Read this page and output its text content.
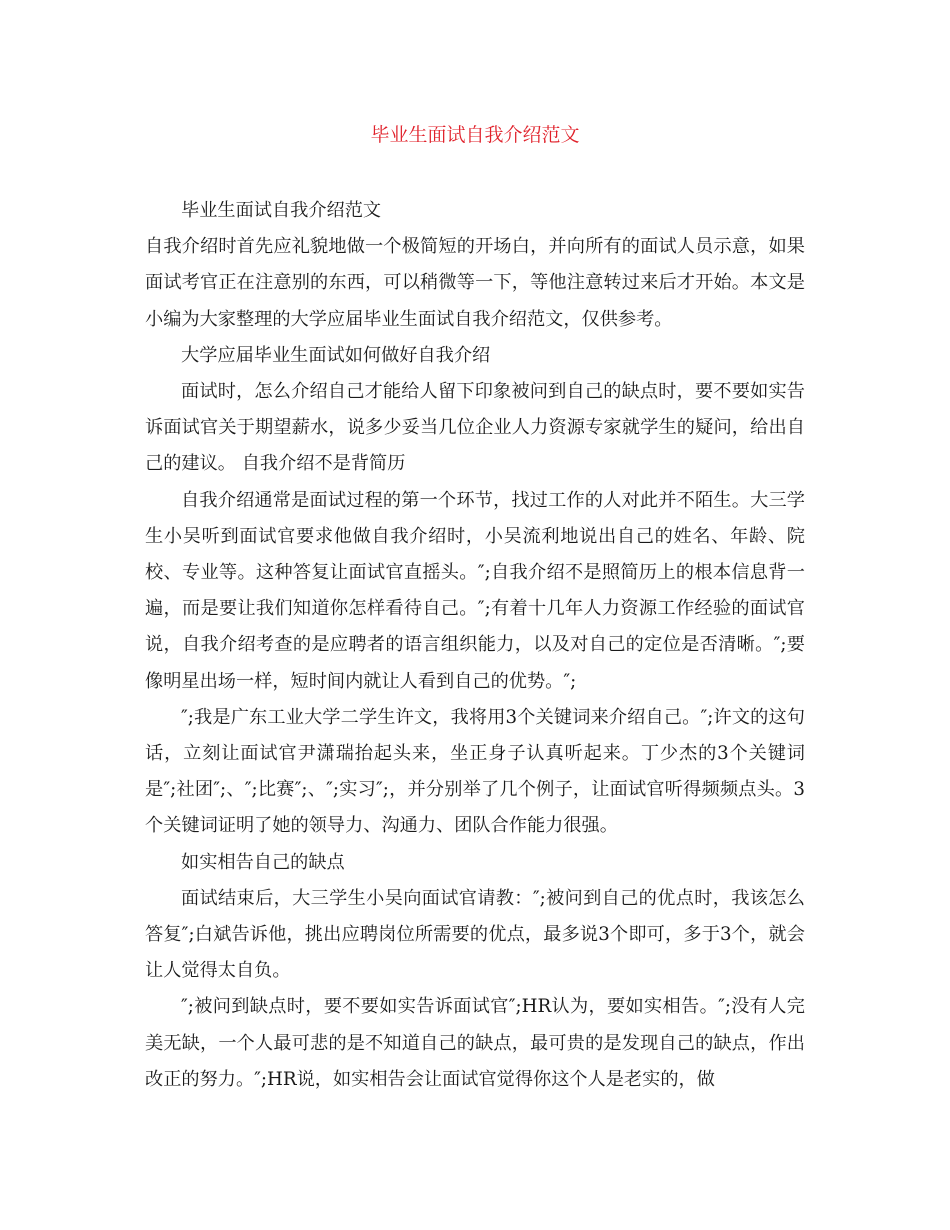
毕业生面试自我介绍范文

毕业生面试自我介绍范文

自我介绍时首先应礼貌地做一个极简短的开场白，并向所有的面试人员示意，如果面试考官正在注意别的东西，可以稍微等一下，等他注意转过来后才开始。本文是小编为大家整理的大学应届毕业生面试自我介绍范文，仅供参考。

大学应届毕业生面试如何做好自我介绍

面试时，怎么介绍自己才能给人留下印象被问到自己的缺点时，要不要如实告诉面试官关于期望薪水，说多少妥当几位企业人力资源专家就学生的疑问，给出自己的建议。 自我介绍不是背简历

自我介绍通常是面试过程的第一个环节，找过工作的人对此并不陌生。大三学生小吴听到面试官要求他做自我介绍时，小吴流利地说出自己的姓名、年龄、院校、专业等。这种答复让面试官直摇头。″;自我介绍不是照简历上的根本信息背一遍，而是要让我们知道你怎样看待自己。″;有着十几年人力资源工作经验的面试官说，自我介绍考查的是应聘者的语言组织能力，以及对自己的定位是否清晰。″;要像明星出场一样，短时间内就让人看到自己的优势。″;

″;我是广东工业大学二学生许文，我将用3个关键词来介绍自己。″;许文的这句话，立刻让面试官尹潇瑞抬起头来，坐正身子认真听起来。丁少杰的3个关键词是″;社团″;、″;比赛″;、″;实习″;，并分别举了几个例子，让面试官听得频频点头。3个关键词证明了她的领导力、沟通力、团队合作能力很强。

如实相告自己的缺点

面试结束后，大三学生小吴向面试官请教：″;被问到自己的优点时，我该怎么答复″;白斌告诉他，挑出应聘岗位所需要的优点，最多说3个即可，多于3个，就会让人觉得太自负。

″;被问到缺点时，要不要如实告诉面试官″;HR认为，要如实相告。″;没有人完美无缺，一个人最可悲的是不知道自己的缺点，最可贵的是发现自己的缺点，作出改正的努力。″;HR说，如实相告会让面试官觉得你这个人是老实的，做
